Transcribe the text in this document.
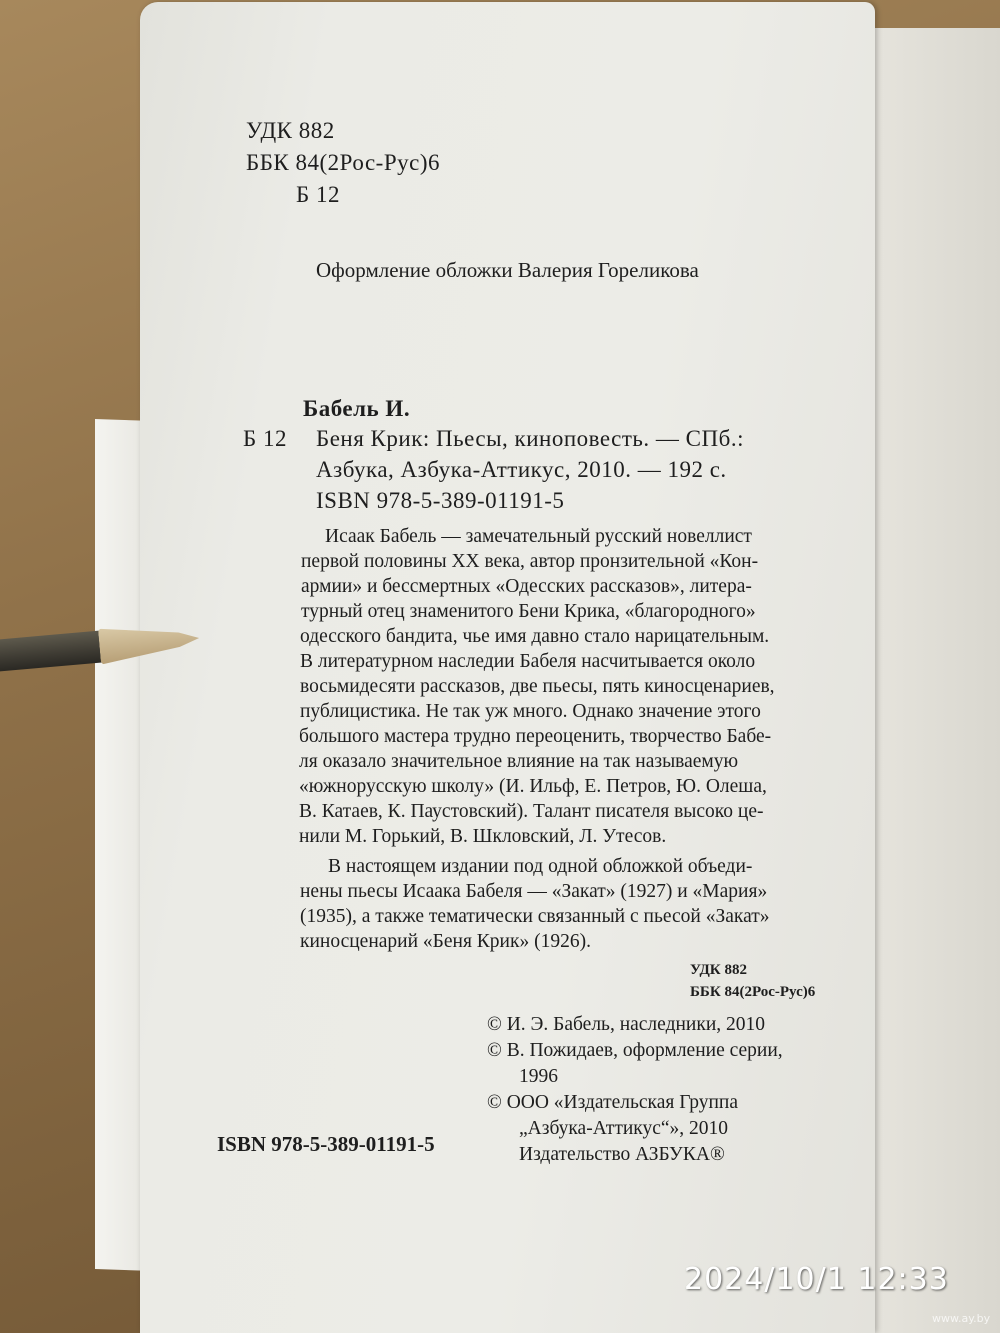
УДК 882
ББК 84(2Рос-Рус)6
Б 12
Оформление обложки Валерия Гореликова
Бабель И.
Б 12 Беня Крик: Пьесы, киноповесть. — СПб.:
Азбука, Азбука-Аттикус, 2010. — 192 с.
ISBN 978-5-389-01191-5
Исаак Бабель — замечательный русский новеллист
первой половины XX века, автор пронзительной «Кон-
армии» и бессмертных «Одесских рассказов», литера-
турный отец знаменитого Бени Крика, «благородного»
одесского бандита, чье имя давно стало нарицательным.
В литературном наследии Бабеля насчитывается около
восьмидесяти рассказов, две пьесы, пять киносценариев,
публицистика. Не так уж много. Однако значение этого
большого мастера трудно переоценить, творчество Бабе-
ля оказало значительное влияние на так называемую
«южнорусскую школу» (И. Ильф, Е. Петров, Ю. Олеша,
В. Катаев, К. Паустовский). Талант писателя высоко це-
нили М. Горький, В. Шкловский, Л. Утесов.
В настоящем издании под одной обложкой объеди-
нены пьесы Исаака Бабеля — «Закат» (1927) и «Мария»
(1935), а также тематически связанный с пьесой «Закат»
киносценарий «Беня Крик» (1926).
УДК 882
ББК 84(2Рос-Рус)6
© И. Э. Бабель, наследники, 2010
© В. Пожидаев, оформление серии,
1996
© ООО «Издательская Группа
„Азбука-Аттикус“», 2010
Издательство АЗБУКА®
ISBN 978-5-389-01191-5
2024/10/1 12:33
www.ay.by
